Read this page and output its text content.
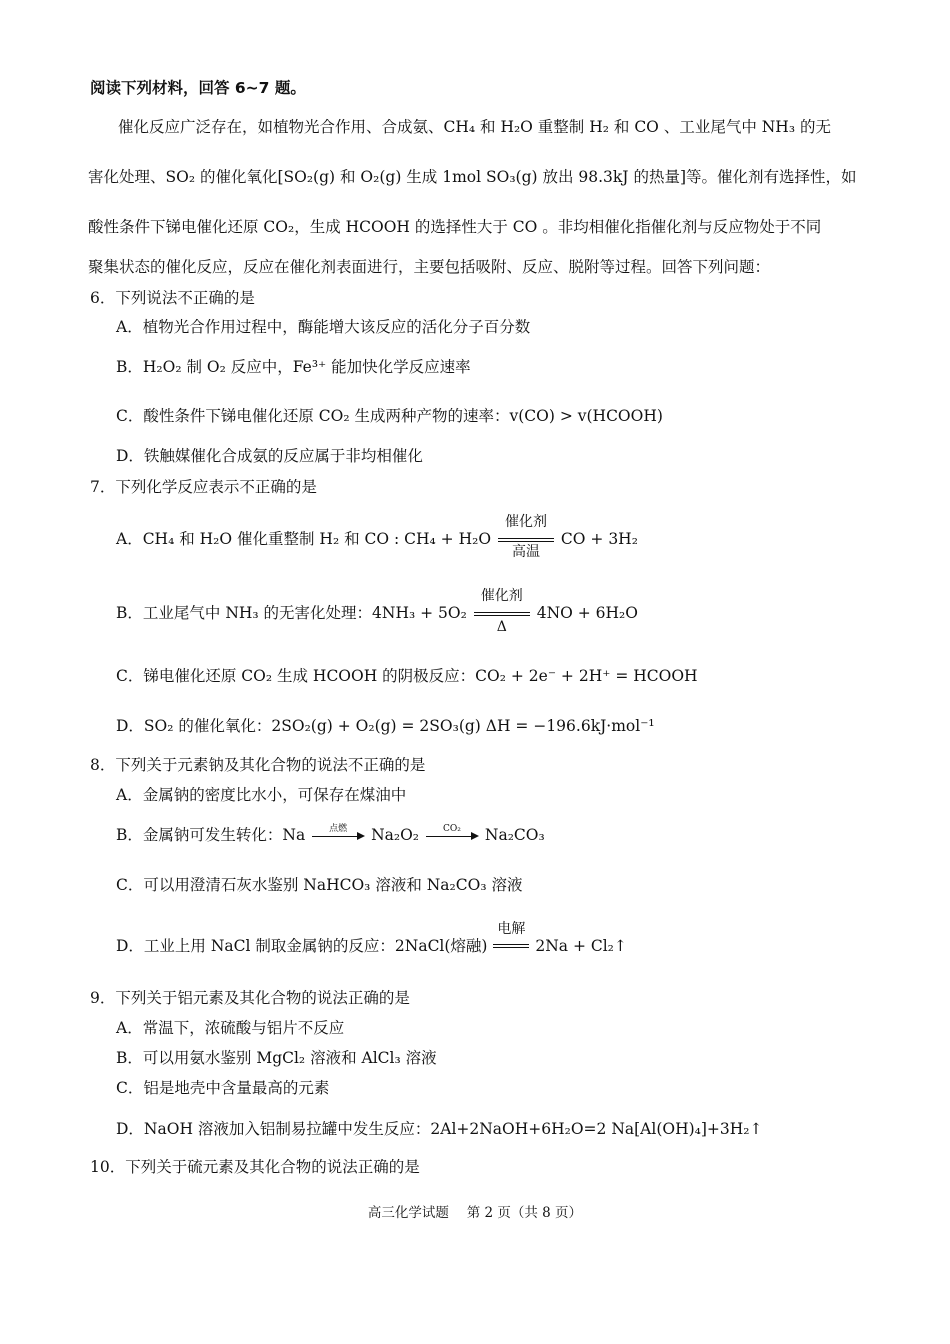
阅读下列材料，回答 6~7 题。
催化反应广泛存在，如植物光合作用、合成氨、CH₄ 和 H₂O 重整制 H₂ 和 CO 、工业尾气中 NH₃ 的无
害化处理、SO₂ 的催化氧化[SO₂(g) 和 O₂(g) 生成 1mol SO₃(g) 放出 98.3kJ 的热量]等。催化剂有选择性，如
酸性条件下锑电催化还原 CO₂，生成 HCOOH 的选择性大于 CO 。非均相催化指催化剂与反应物处于不同
聚集状态的催化反应，反应在催化剂表面进行，主要包括吸附、反应、脱附等过程。回答下列问题：
6．下列说法不正确的是
A．植物光合作用过程中，酶能增大该反应的活化分子百分数
B．H₂O₂ 制 O₂ 反应中，Fe³⁺ 能加快化学反应速率
C．酸性条件下锑电催化还原 CO₂ 生成两种产物的速率：v(CO) > v(HCOOH)
D．铁触媒催化合成氨的反应属于非均相催化
7．下列化学反应表示不正确的是
A．CH₄ 和 H₂O 催化重整制 H₂ 和 CO : CH₄ + H₂O
催化剂
高温
CO + 3H₂
B．工业尾气中 NH₃ 的无害化处理：4NH₃ + 5O₂
催化剂
Δ
4NO + 6H₂O
C．锑电催化还原 CO₂ 生成 HCOOH 的阴极反应：CO₂ + 2e⁻ + 2H⁺ = HCOOH
D．SO₂ 的催化氧化：2SO₂(g) + O₂(g) = 2SO₃(g) ΔH = −196.6kJ·mol⁻¹
8．下列关于元素钠及其化合物的说法不正确的是
A．金属钠的密度比水小，可保存在煤油中
B．金属钠可发生转化：Na	点燃	Na₂O₂	CO₂	Na₂CO₃
C．可以用澄清石灰水鉴别 NaHCO₃ 溶液和 Na₂CO₃ 溶液
D．工业上用 NaCl 制取金属钠的反应：2NaCl(熔融)
电解
2Na + Cl₂↑
9．下列关于铝元素及其化合物的说法正确的是
A．常温下，浓硫酸与铝片不反应
B．可以用氨水鉴别 MgCl₂ 溶液和 AlCl₃ 溶液
C．铝是地壳中含量最高的元素
D．NaOH 溶液加入铝制易拉罐中发生反应：2Al+2NaOH+6H₂O=2 Na[Al(OH)₄]+3H₂↑
10．下列关于硫元素及其化合物的说法正确的是
高三化学试题　 第 2 页（共 8 页）
